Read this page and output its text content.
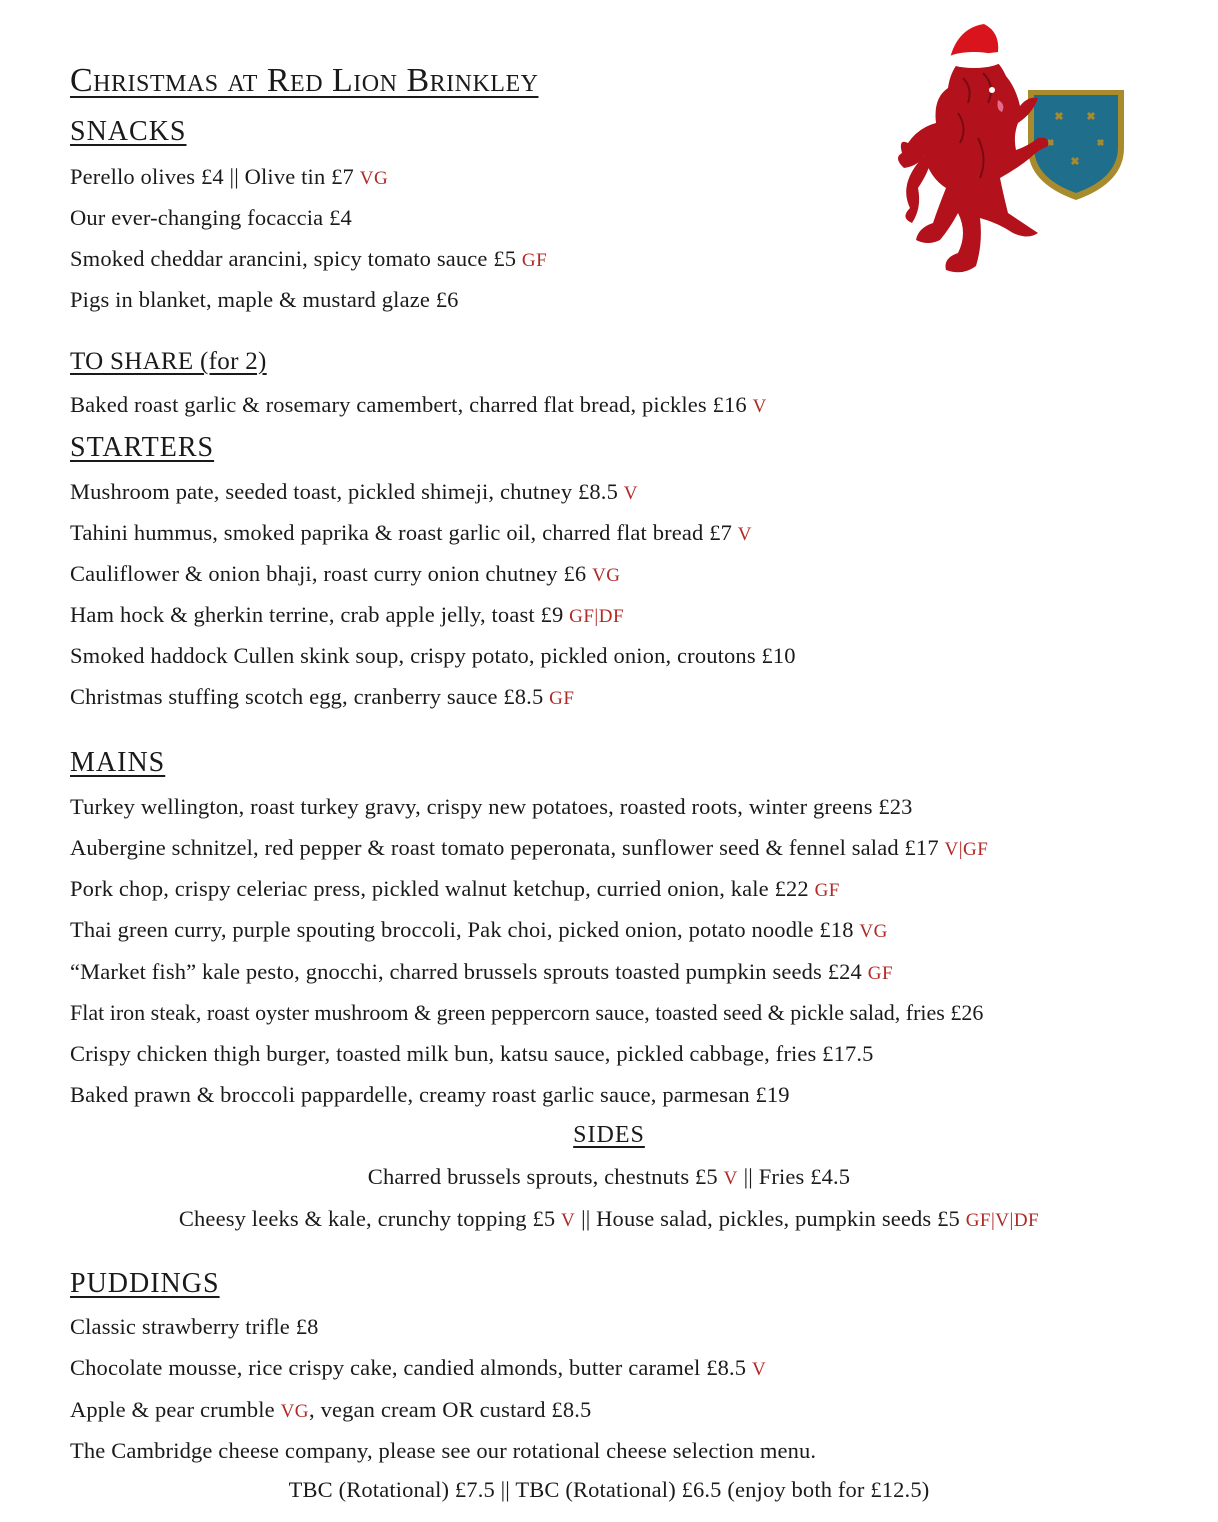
Christmas at Red Lion Brinkley
SNACKS
Perello olives £4 || Olive tin £7 VG
Our ever-changing focaccia £4
Smoked cheddar arancini, spicy tomato sauce £5 GF
Pigs in blanket, maple & mustard glaze £6
TO SHARE (for 2)
Baked roast garlic & rosemary camembert, charred flat bread, pickles £16 V
STARTERS
Mushroom pate, seeded toast, pickled shimeji, chutney £8.5 V
Tahini hummus, smoked paprika & roast garlic oil, charred flat bread £7 V
Cauliflower & onion bhaji, roast curry onion chutney £6 VG
Ham hock & gherkin terrine, crab apple jelly, toast £9 GF|DF
Smoked haddock Cullen skink soup, crispy potato, pickled onion, croutons £10
Christmas stuffing scotch egg, cranberry sauce £8.5 GF
MAINS
Turkey wellington, roast turkey gravy, crispy new potatoes, roasted roots, winter greens £23
Aubergine schnitzel, red pepper & roast tomato peperonata, sunflower seed & fennel salad £17 V|GF
Pork chop, crispy celeriac press, pickled walnut ketchup, curried onion, kale £22 GF
Thai green curry, purple spouting broccoli, Pak choi, picked onion, potato noodle £18 VG
“Market fish” kale pesto, gnocchi, charred brussels sprouts toasted pumpkin seeds £24 GF
Flat iron steak, roast oyster mushroom & green peppercorn sauce, toasted seed & pickle salad, fries £26
Crispy chicken thigh burger, toasted milk bun, katsu sauce, pickled cabbage, fries £17.5
Baked prawn & broccoli pappardelle, creamy roast garlic sauce, parmesan £19
SIDES
Charred brussels sprouts, chestnuts £5 V || Fries £4.5
Cheesy leeks & kale, crunchy topping £5 V || House salad, pickles, pumpkin seeds £5 GF|V|DF
PUDDINGS
Classic strawberry trifle £8
Chocolate mousse, rice crispy cake, candied almonds, butter caramel £8.5 V
Apple & pear crumble VG, vegan cream OR custard £8.5
The Cambridge cheese company, please see our rotational cheese selection menu.
TBC (Rotational) £7.5 || TBC (Rotational) £6.5 (enjoy both for £12.5)
